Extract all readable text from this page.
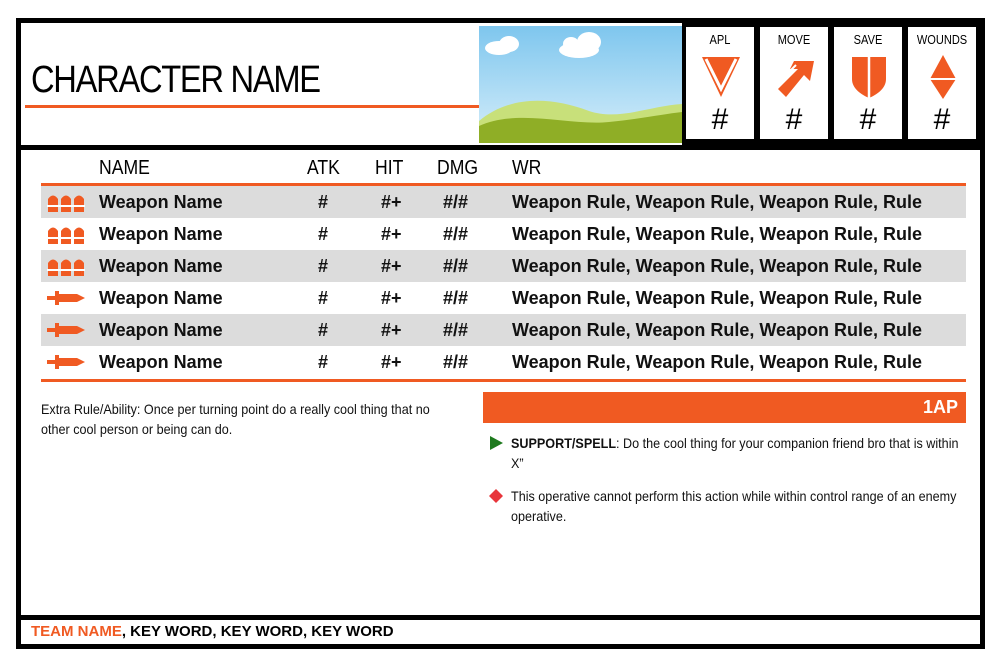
CHARACTER NAME
APL
#
MOVE
#
SAVE
#
WOUNDS
#
NAME	ATK HIT DMG WR
Weapon Name	#	#+ #/# Weapon Rule, Weapon Rule, Weapon Rule, Rule
Weapon Name	#	#+ #/# Weapon Rule, Weapon Rule, Weapon Rule, Rule
Weapon Name	#	#+ #/# Weapon Rule, Weapon Rule, Weapon Rule, Rule
Weapon Name	#	#+ #/# Weapon Rule, Weapon Rule, Weapon Rule, Rule
Weapon Name	#	#+ #/# Weapon Rule, Weapon Rule, Weapon Rule, Rule
Weapon Name	#	#+ #/# Weapon Rule, Weapon Rule, Weapon Rule, Rule
Extra Rule/Ability: Once per turning point do a really cool thing that no other cool person or being can do.
1AP
SUPPORT/SPELL: Do the cool thing for your companion friend bro that is within X”
This operative cannot perform this action while within control range of an enemy operative.
TEAM NAME, KEY WORD, KEY WORD, KEY WORD
